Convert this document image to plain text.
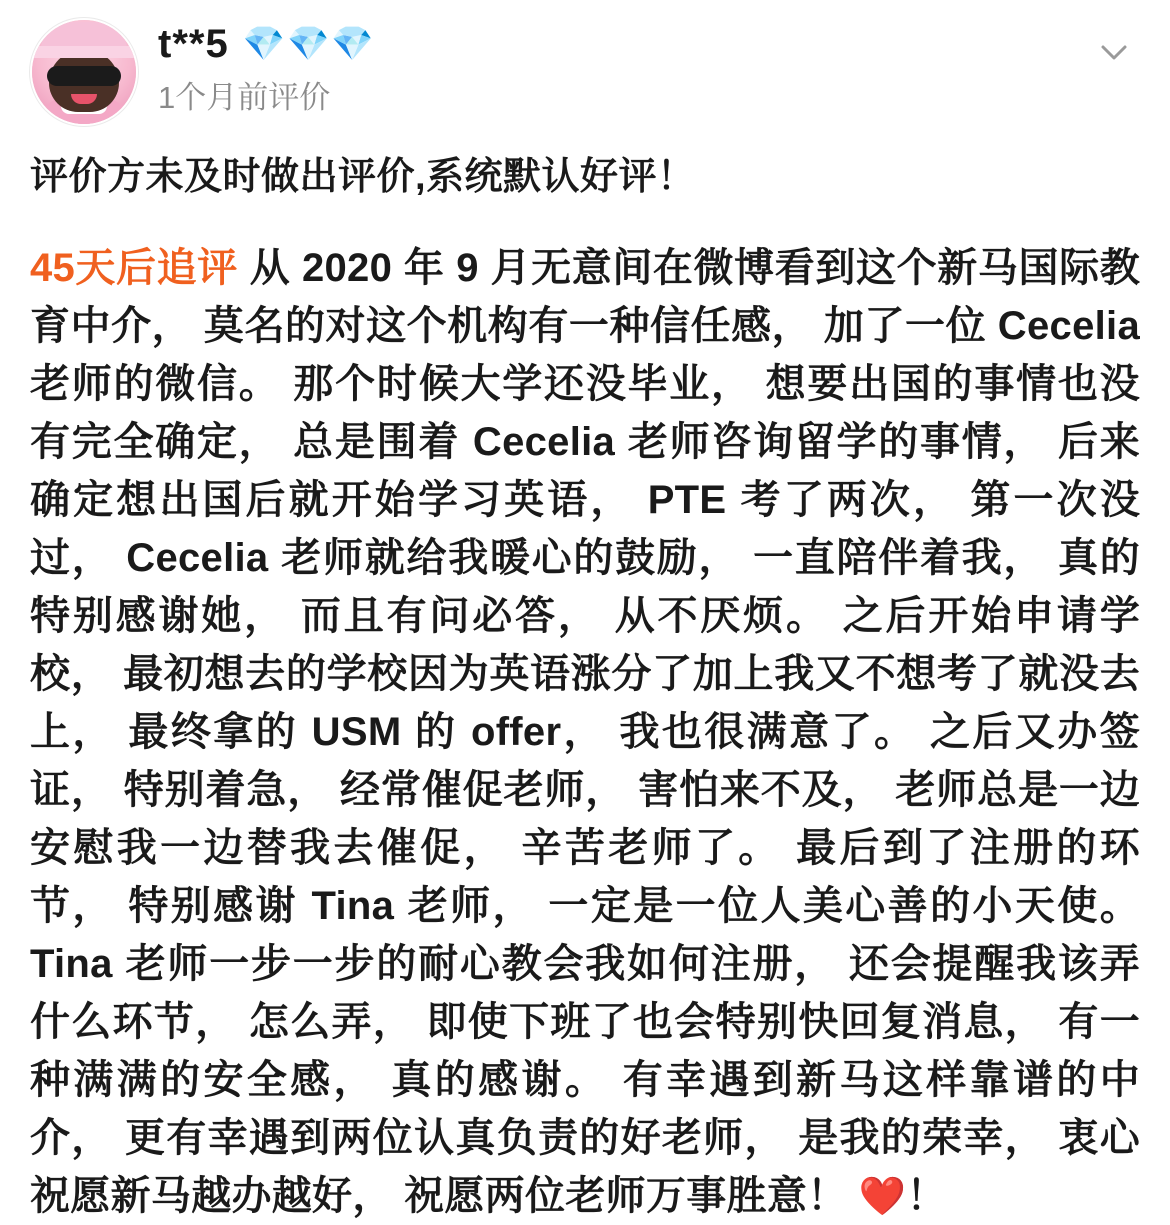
t**5 💎💎💎
1个月前评价
评价方未及时做出评价,系统默认好评！
45天后追评 从 2020 年 9 月无意间在微博看到这个新马国际教育中介， 莫名的对这个机构有一种信任感， 加了一位 Cecelia 老师的微信。 那个时候大学还没毕业， 想要出国的事情也没有完全确定， 总是围着 Cecelia 老师咨询留学的事情， 后来确定想出国后就开始学习英语， PTE 考了两次， 第一次没过， Cecelia 老师就给我暖心的鼓励， 一直陪伴着我， 真的特别感谢她， 而且有问必答， 从不厌烦。 之后开始申请学校， 最初想去的学校因为英语涨分了加上我又不想考了就没去上， 最终拿的 USM 的 offer， 我也很满意了。 之后又办签证， 特别着急， 经常催促老师， 害怕来不及， 老师总是一边安慰我一边替我去催促， 辛苦老师了。 最后到了注册的环节， 特别感谢 Tina 老师， 一定是一位人美心善的小天使。 Tina 老师一步一步的耐心教会我如何注册， 还会提醒我该弄什么环节， 怎么弄， 即使下班了也会特别快回复消息， 有一种满满的安全感， 真的感谢。 有幸遇到新马这样靠谱的中介， 更有幸遇到两位认真负责的好老师， 是我的荣幸， 衷心祝愿新马越办越好， 祝愿两位老师万事胜意！ ❤️！
